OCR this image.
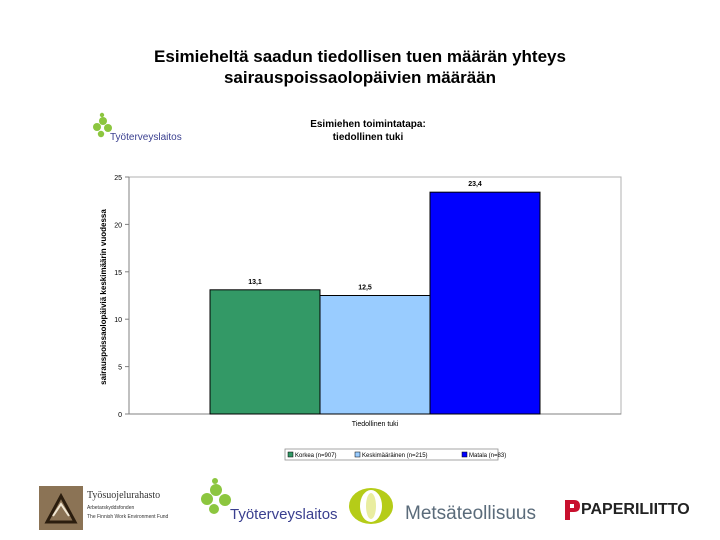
Esimieheltä saadun tiedollisen tuen määrän yhteys
sairauspoissaolopäivien määrään
Työterveyslaitos
Esimiehen toimintatapa:
tiedollinen tuki
13,1
12,5
23,4
0
5
10
15
20
25
Tiedollinen tuki
sairauspoissaolopäiviä keskimäärin vuodessa
Korkea (n=907)	Keskimääräinen (n=215)	Matala (n=83)
Työsuojelurahasto
Arbetarskyddsfonden
The Finnish Work Environment Fund	Työterveyslaitos	Metsäteollisuus	PAPERILIITTO
